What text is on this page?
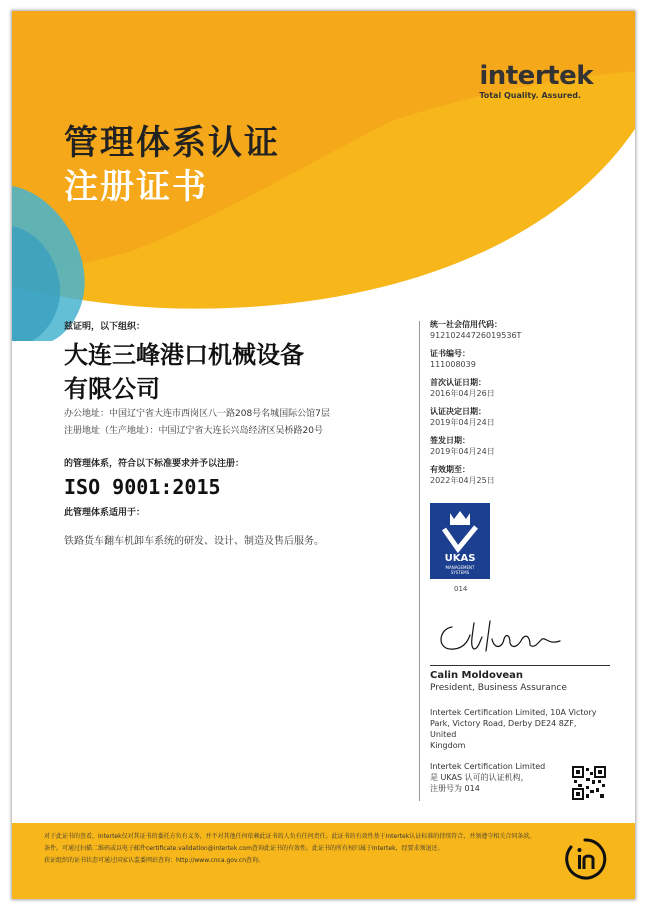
intertek
Total Quality. Assured.
管理体系认证
注册证书
兹证明，以下组织：
大连三峰港口机械设备
有限公司
办公地址：中国辽宁省大连市西岗区八一路208号名城国际公馆7层
注册地址（生产地址）：中国辽宁省大连长兴岛经济区吴桥路20号
的管理体系，符合以下标准要求并予以注册：
ISO 9001:2015
此管理体系适用于：
铁路货车翻车机卸车系统的研发、设计、制造及售后服务。
统一社会信用代码：
91210244726019536T
证书编号：
111008039
首次认证日期：
2016年04月26日
认证决定日期：
2019年04月24日
签发日期：
2019年04月24日
有效期至：
2022年04月25日
UKAS
MANAGEMENT
SYSTEMS
014
Calin Moldovean
President, Business Assurance
Intertek Certification Limited, 10A Victory
Park, Victory Road, Derby DE24 8ZF, United
Kingdom
Intertek Certification Limited
是 UKAS 认可的认证机构，
注册号为 014
对于此证书的查看，Intertek仅对其证书的委托方负有义务，并不对其他任何依赖此证书的人负有任何责任。此证书的有效性基于Intertek认证标准的持续符合，并须遵守相关合同条款。
条件。可通过扫描二维码或以电子邮件certificate.validation@intertek.com查询此证书的有效性。此证书的所有权归属于Intertek，经要求须退还。
获证组织的证书状态可通过国家认监委网站查询：http://www.cnca.gov.cn查询。
